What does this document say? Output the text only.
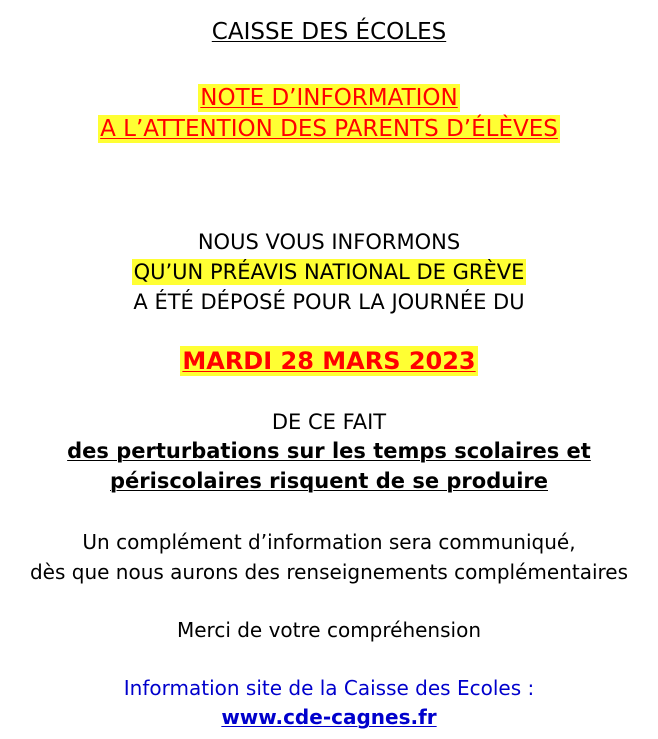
CAISSE DES ÉCOLES
NOTE D’INFORMATION
A L’ATTENTION DES PARENTS D’ÉLÈVES
NOUS VOUS INFORMONS
QU’UN PRÉAVIS NATIONAL DE GRÈVE
A ÉTÉ DÉPOSÉ POUR LA JOURNÉE DU
MARDI 28 MARS 2023
DE CE FAIT
des perturbations sur les temps scolaires et
périscolaires risquent de se produire
Un complément d’information sera communiqué,
dès que nous aurons des renseignements complémentaires
Merci de votre compréhension
Information site de la Caisse des Ecoles :
www.cde-cagnes.fr
